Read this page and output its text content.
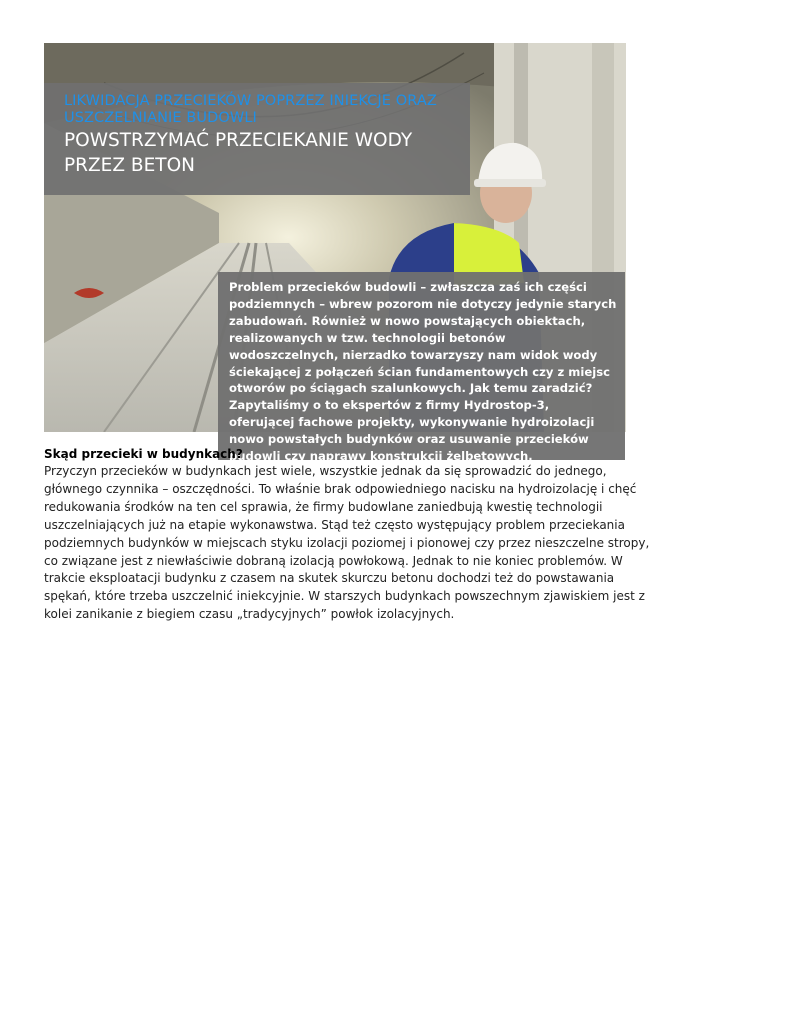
LIKWIDACJA PRZECIEKÓW POPRZEZ INIEKCJE ORAZ USZCZELNIANIE BUDOWLI

POWSTRZYMAĆ PRZECIEKANIE WODY PRZEZ BETON

Problem przecieków budowli – zwłaszcza zaś ich części podziemnych – wbrew pozorom nie dotyczy jedynie starych zabudowań. Również w nowo powstających obiektach, realizowanych w tzw. technologii betonów wodoszczelnych, nierzadko towarzyszy nam widok wody ściekającej z połączeń ścian fundamentowych czy z miejsc otworów po ściągach szalunkowych. Jak temu zaradzić? Zapytaliśmy o to ekspertów z firmy Hydrostop-3, oferującej fachowe projekty, wykonywanie hydroizolacji nowo powstałych budynków oraz usuwanie przecieków budowli czy naprawy konstrukcji żelbetowych.

Skąd przecieki w budynkach?

Przyczyn przecieków w budynkach jest wiele, wszystkie jednak da się sprowadzić do jednego, głównego czynnika – oszczędności. To właśnie brak odpowiedniego nacisku na hydroizolację i chęć redukowania środków na ten cel sprawia, że firmy budowlane zaniedbują kwestię technologii uszczelniających już na etapie wykonawstwa. Stąd też często występujący problem przeciekania podziemnych budynków w miejscach styku izolacji poziomej i pionowej czy przez nieszczelne stropy, co związane jest z niewłaściwie dobraną izolacją powłokową. Jednak to nie koniec problemów. W trakcie eksploatacji budynku z czasem na skutek skurczu betonu dochodzi też do powstawania spękań, które trzeba uszczelnić iniekcyjnie. W starszych budynkach powszechnym zjawiskiem jest z kolei zanikanie z biegiem czasu „tradycyjnych” powłok izolacyjnych.
